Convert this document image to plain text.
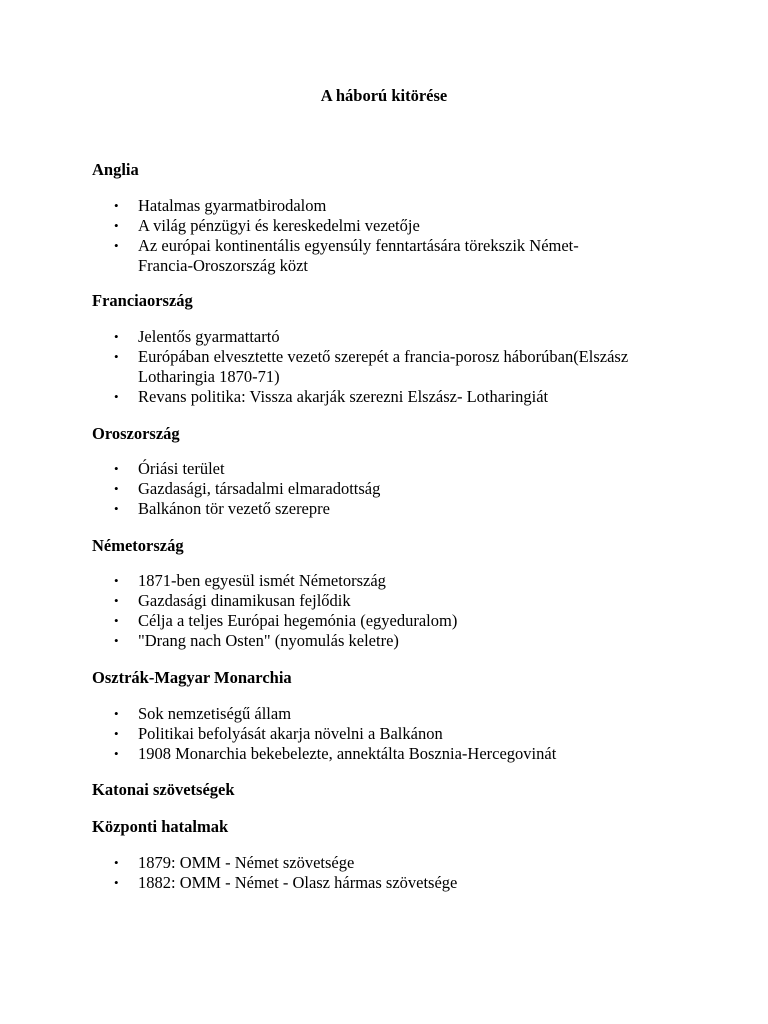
A háború kitörése
Anglia
• Hatalmas gyarmatbirodalom
• A világ pénzügyi és kereskedelmi vezetője
• Az európai kontinentális egyensúly fenntartására törekszik Német-
Francia-Oroszország közt
Franciaország
• Jelentős gyarmattartó
• Európában elvesztette vezető szerepét a francia-porosz háborúban(Elszász
Lotharingia 1870-71)
• Revans politika: Vissza akarják szerezni Elszász- Lotharingiát
Oroszország
• Óriási terület
• Gazdasági, társadalmi elmaradottság
• Balkánon tör vezető szerepre
Németország
• 1871-ben egyesül ismét Németország
• Gazdasági dinamikusan fejlődik
• Célja a teljes Európai hegemónia (egyeduralom)
• "Drang nach Osten" (nyomulás keletre)
Osztrák-Magyar Monarchia
• Sok nemzetiségű állam
• Politikai befolyását akarja növelni a Balkánon
• 1908 Monarchia bekebelezte, annektálta Bosznia-Hercegovinát
Katonai szövetségek
Központi hatalmak
• 1879: OMM - Német szövetsége
• 1882: OMM - Német - Olasz hármas szövetsége
